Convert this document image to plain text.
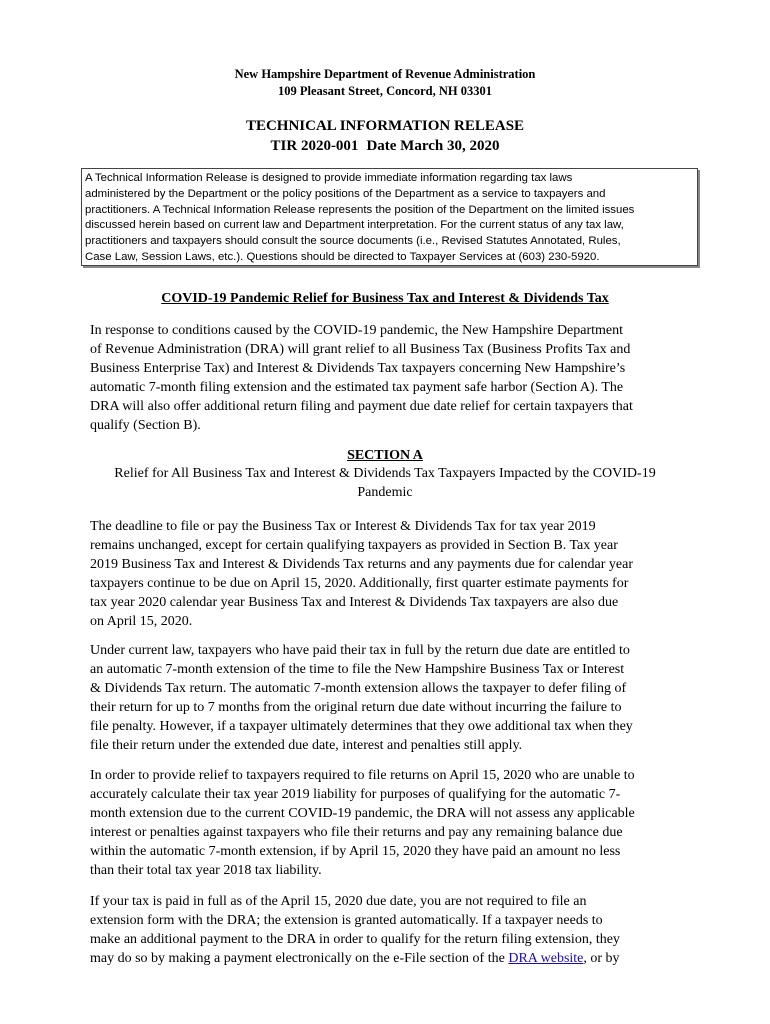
New Hampshire Department of Revenue Administration
109 Pleasant Street, Concord, NH 03301
TECHNICAL INFORMATION RELEASE
TIR 2020-001 Date March 30, 2020
A Technical Information Release is designed to provide immediate information regarding tax laws
administered by the Department or the policy positions of the Department as a service to taxpayers and
practitioners. A Technical Information Release represents the position of the Department on the limited issues
discussed herein based on current law and Department interpretation. For the current status of any tax law,
practitioners and taxpayers should consult the source documents (i.e., Revised Statutes Annotated, Rules,
Case Law, Session Laws, etc.). Questions should be directed to Taxpayer Services at (603) 230-5920.
COVID-19 Pandemic Relief for Business Tax and Interest & Dividends Tax
In response to conditions caused by the COVID-19 pandemic, the New Hampshire Department
of Revenue Administration (DRA) will grant relief to all Business Tax (Business Profits Tax and
Business Enterprise Tax) and Interest & Dividends Tax taxpayers concerning New Hampshire’s
automatic 7-month filing extension and the estimated tax payment safe harbor (Section A). The
DRA will also offer additional return filing and payment due date relief for certain taxpayers that
qualify (Section B).
SECTION A
Relief for All Business Tax and Interest & Dividends Tax Taxpayers Impacted by the COVID-19
Pandemic
The deadline to file or pay the Business Tax or Interest & Dividends Tax for tax year 2019
remains unchanged, except for certain qualifying taxpayers as provided in Section B. Tax year
2019 Business Tax and Interest & Dividends Tax returns and any payments due for calendar year
taxpayers continue to be due on April 15, 2020. Additionally, first quarter estimate payments for
tax year 2020 calendar year Business Tax and Interest & Dividends Tax taxpayers are also due
on April 15, 2020.
Under current law, taxpayers who have paid their tax in full by the return due date are entitled to
an automatic 7-month extension of the time to file the New Hampshire Business Tax or Interest
& Dividends Tax return. The automatic 7-month extension allows the taxpayer to defer filing of
their return for up to 7 months from the original return due date without incurring the failure to
file penalty. However, if a taxpayer ultimately determines that they owe additional tax when they
file their return under the extended due date, interest and penalties still apply.
In order to provide relief to taxpayers required to file returns on April 15, 2020 who are unable to
accurately calculate their tax year 2019 liability for purposes of qualifying for the automatic 7-
month extension due to the current COVID-19 pandemic, the DRA will not assess any applicable
interest or penalties against taxpayers who file their returns and pay any remaining balance due
within the automatic 7-month extension, if by April 15, 2020 they have paid an amount no less
than their total tax year 2018 tax liability.
If your tax is paid in full as of the April 15, 2020 due date, you are not required to file an
extension form with the DRA; the extension is granted automatically. If a taxpayer needs to
make an additional payment to the DRA in order to qualify for the return filing extension, they
may do so by making a payment electronically on the e-File section of the DRA website, or by
